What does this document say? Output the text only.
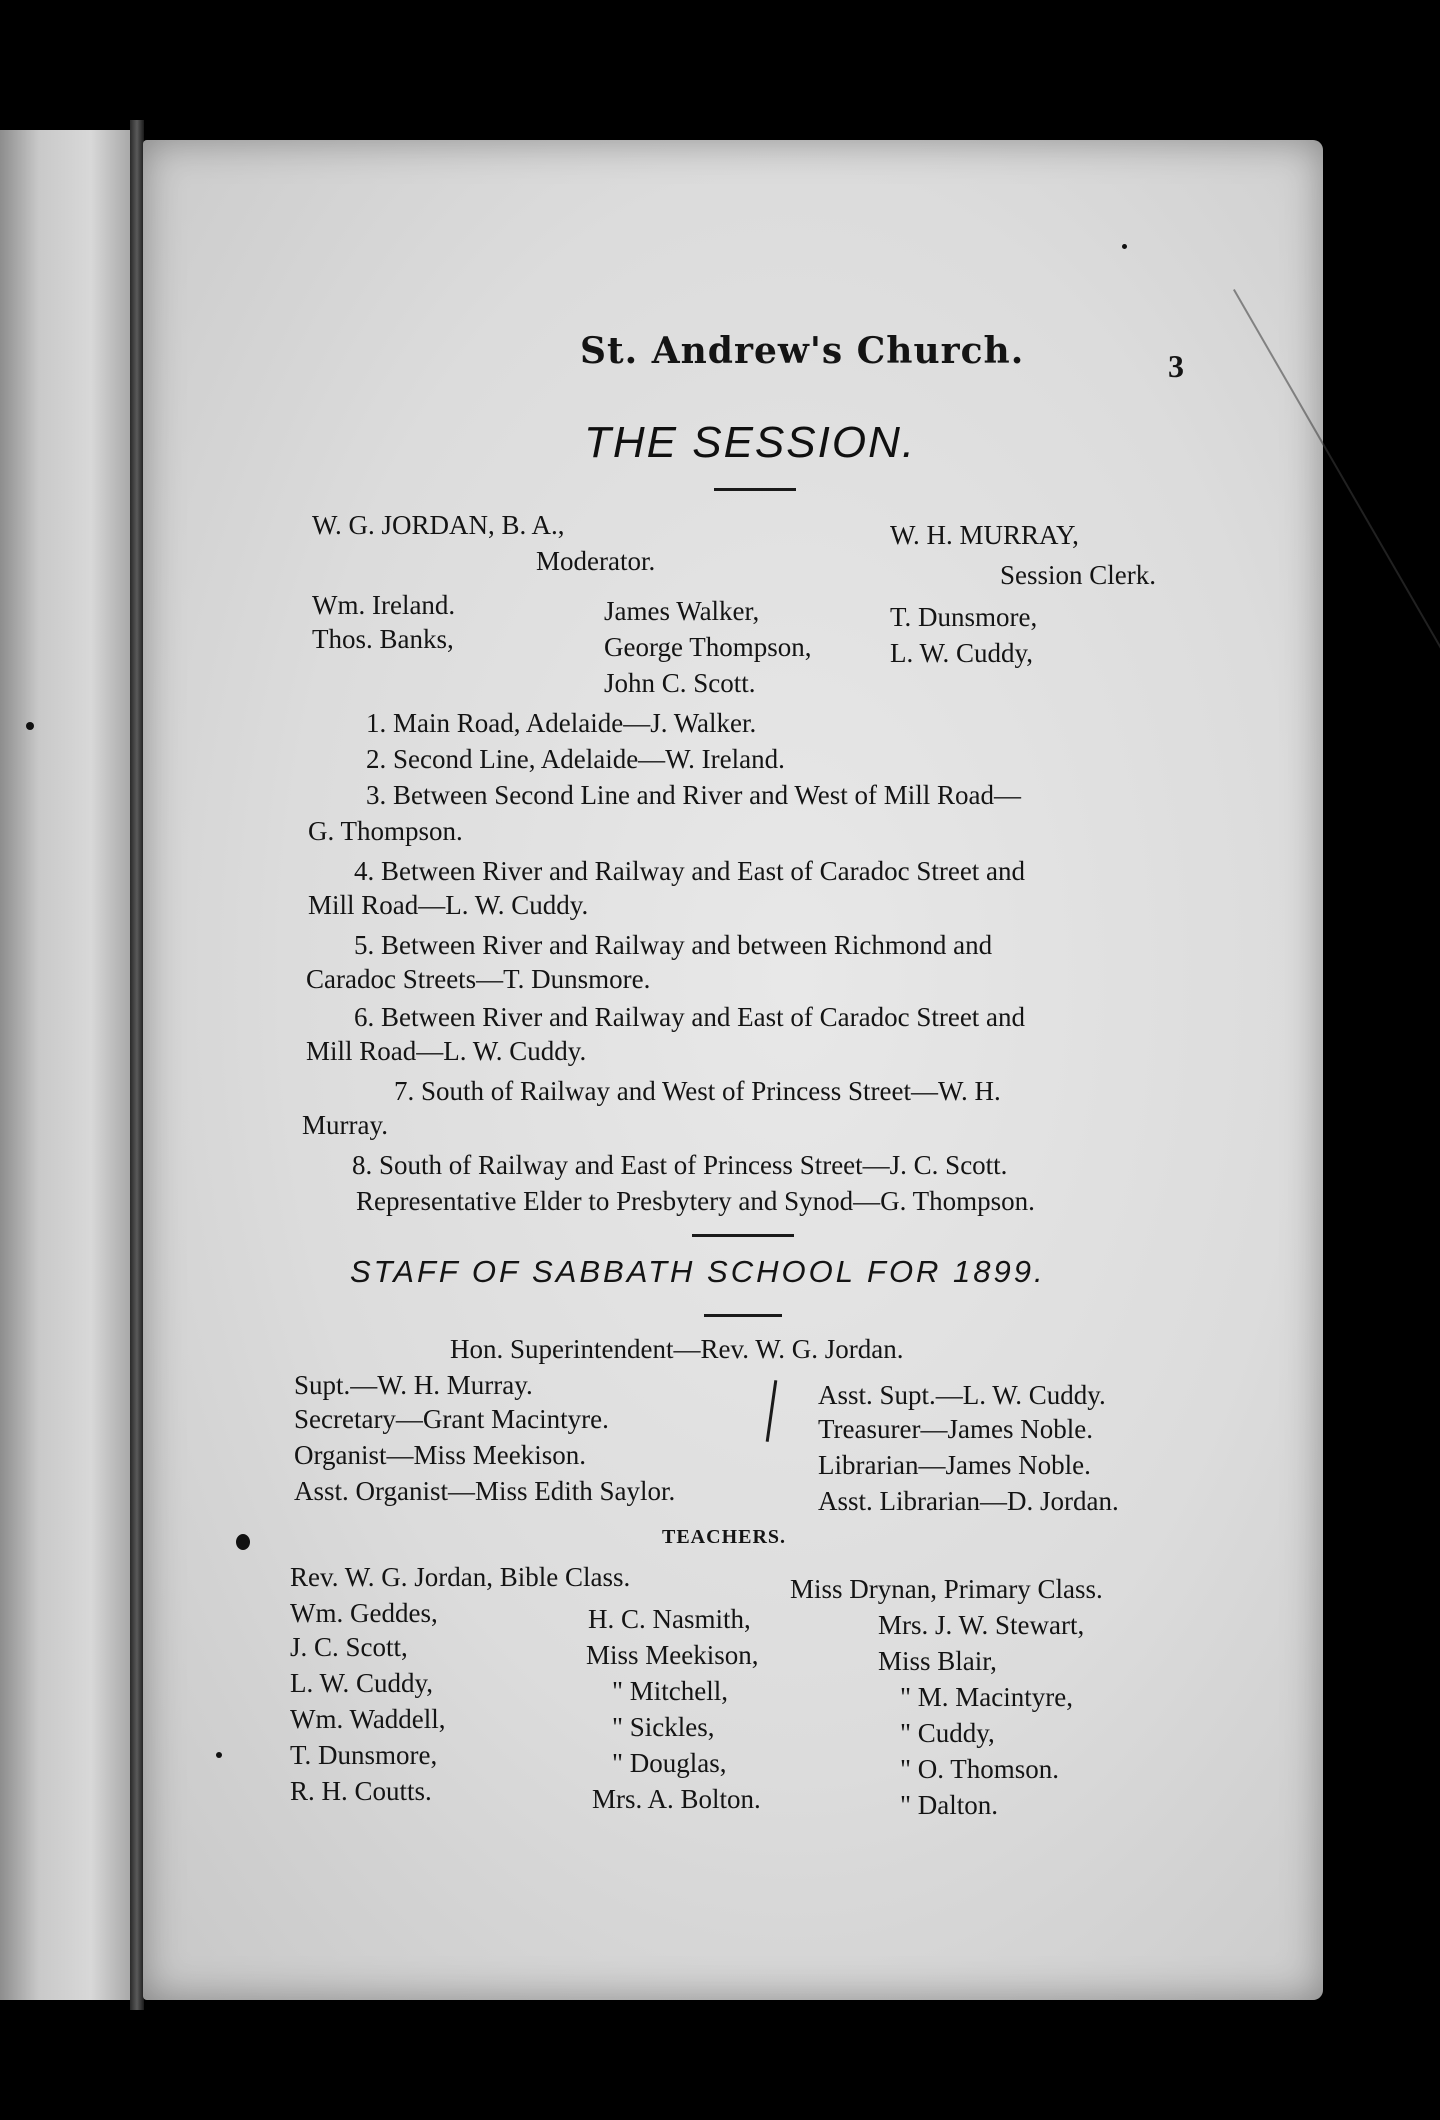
St. Andrew's Church.	3
THE SESSION.
W. G. JORDAN, B. A.,
Moderator.
W. H. MURRAY,
Session Clerk.
Wm. Ireland.
Thos. Banks,
James Walker,
George Thompson,
John C. Scott.
T. Dunsmore,
L. W. Cuddy,
1. Main Road, Adelaide—J. Walker.
2. Second Line, Adelaide—W. Ireland.
3. Between Second Line and River and West of Mill Road—
G. Thompson.
4. Between River and Railway and East of Caradoc Street and
Mill Road—L. W. Cuddy.
5. Between River and Railway and between Richmond and
Caradoc Streets—T. Dunsmore.
6. Between River and Railway and East of Caradoc Street and
Mill Road—L. W. Cuddy.
7. South of Railway and West of Princess Street—W. H.
Murray.
8. South of Railway and East of Princess Street—J. C. Scott.
Representative Elder to Presbytery and Synod—G. Thompson.
STAFF OF SABBATH SCHOOL FOR 1899.
Hon. Superintendent—Rev. W. G. Jordan.
Supt.—W. H. Murray.
Secretary—Grant Macintyre.
Organist—Miss Meekison.
Asst. Organist—Miss Edith Saylor.
Asst. Supt.—L. W. Cuddy.
Treasurer—James Noble.
Librarian—James Noble.
Asst. Librarian—D. Jordan.
TEACHERS.
Rev. W. G. Jordan, Bible Class.	Miss Drynan, Primary Class.
Wm. Geddes,
J. C. Scott,
L. W. Cuddy,
Wm. Waddell,
T. Dunsmore,
R. H. Coutts.
H. C. Nasmith,
Miss Meekison,
" Mitchell,
" Sickles,
" Douglas,
Mrs. A. Bolton.
Mrs. J. W. Stewart,
Miss Blair,
" M. Macintyre,
" Cuddy,
" O. Thomson.
" Dalton.
